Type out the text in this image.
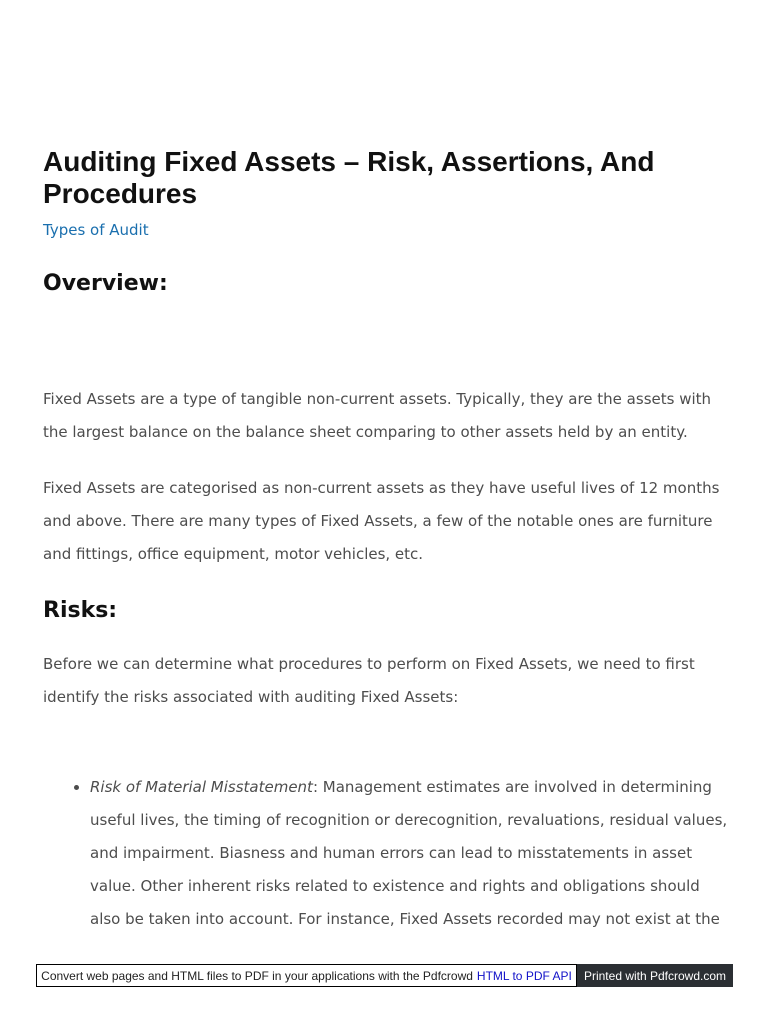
Auditing Fixed Assets – Risk, Assertions, And Procedures
Types of Audit
Overview:

Fixed Assets are a type of tangible non-current assets. Typically, they are the assets with the largest balance on the balance sheet comparing to other assets held by an entity.

Fixed Assets are categorised as non-current assets as they have useful lives of 12 months and above. There are many types of Fixed Assets, a few of the notable ones are furniture and fittings, office equipment, motor vehicles, etc.

Risks:

Before we can determine what procedures to perform on Fixed Assets, we need to first identify the risks associated with auditing Fixed Assets:

• Risk of Material Misstatement: Management estimates are involved in determining useful lives, the timing of recognition or derecognition, revaluations, residual values, and impairment. Biasness and human errors can lead to misstatements in asset value. Other inherent risks related to existence and rights and obligations should also be taken into account. For instance, Fixed Assets recorded may not exist at the
Convert web pages and HTML files to PDF in your applications with the Pdfcrowd HTML to PDF API	Printed with Pdfcrowd.com
